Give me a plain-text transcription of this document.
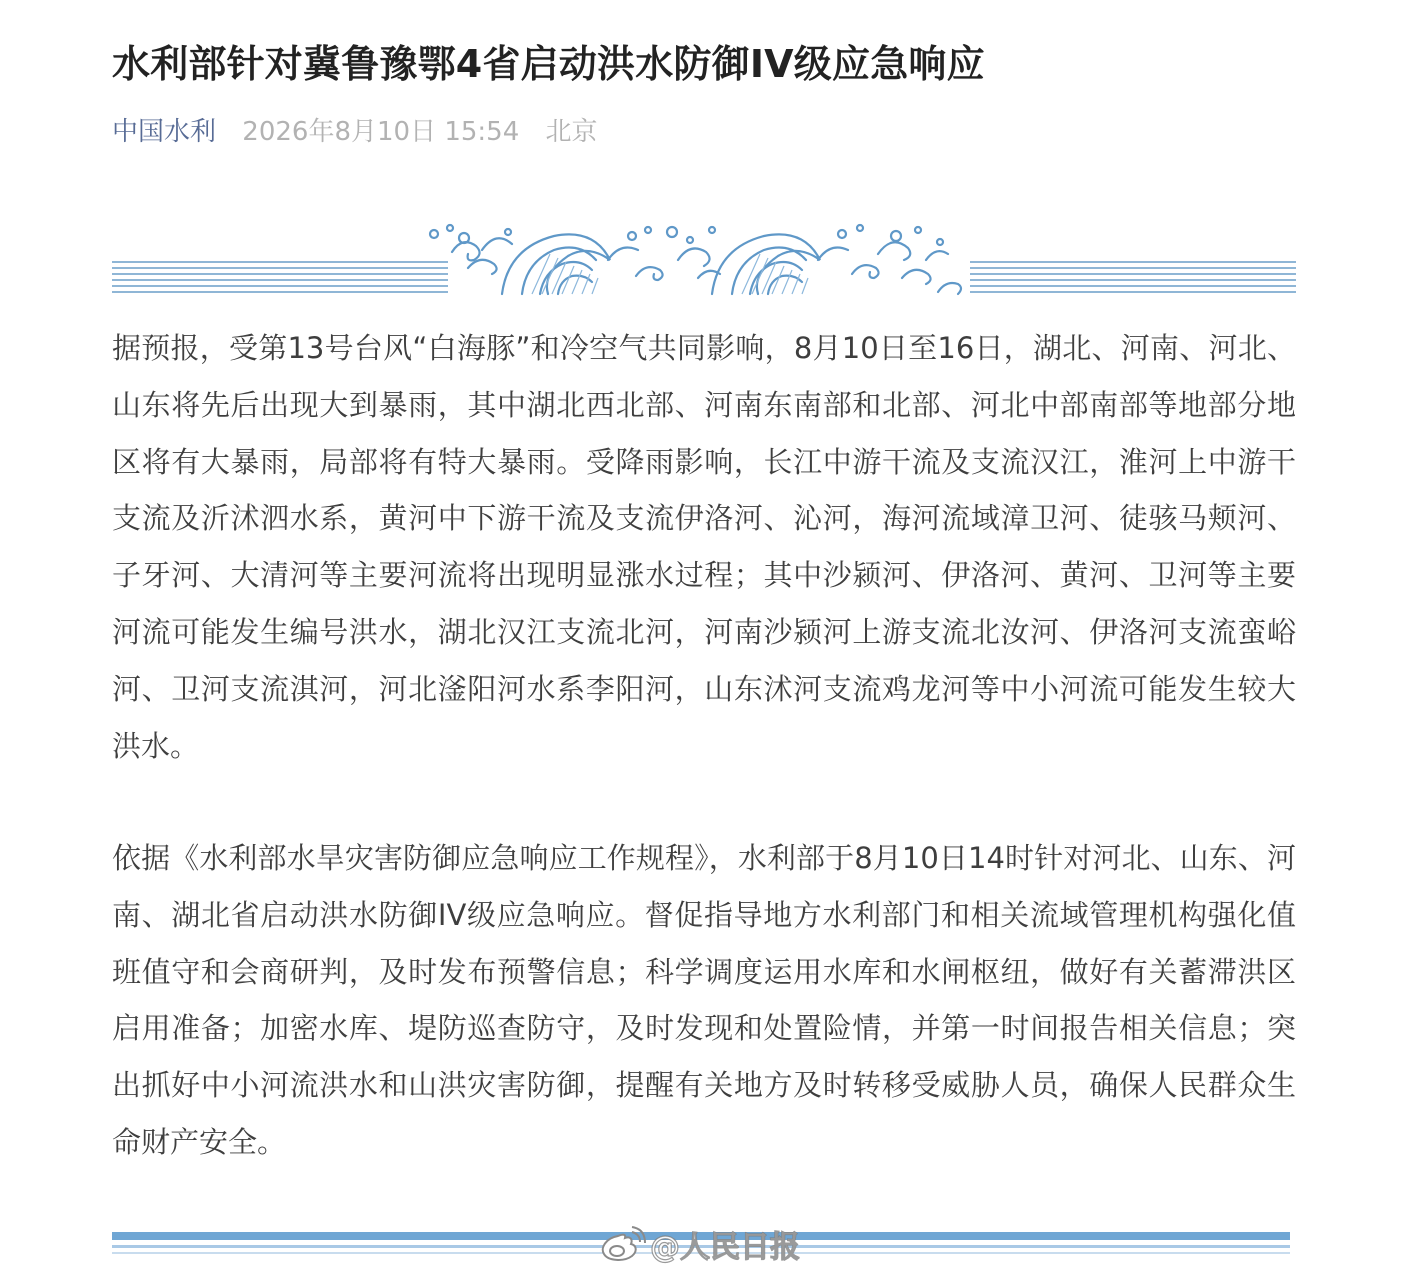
水利部针对冀鲁豫鄂4省启动洪水防御IV级应急响应
中国水利 2026年8月10日 15:54 北京

据预报，受第13号台风“白海豚”和冷空气共同影响，8月10日至16日，湖北、河南、河北、山东将先后出现大到暴雨，其中湖北西北部、河南东南部和北部、河北中部南部等地部分地区将有大暴雨，局部将有特大暴雨。受降雨影响，长江中游干流及支流汉江，淮河上中游干支流及沂沭泗水系，黄河中下游干流及支流伊洛河、沁河，海河流域漳卫河、徒骇马颊河、子牙河、大清河等主要河流将出现明显涨水过程；其中沙颍河、伊洛河、黄河、卫河等主要河流可能发生编号洪水，湖北汉江支流北河，河南沙颍河上游支流北汝河、伊洛河支流蛮峪河、卫河支流淇河，河北滏阳河水系李阳河，山东沭河支流鸡龙河等中小河流可能发生较大洪水。

依据《水利部水旱灾害防御应急响应工作规程》，水利部于8月10日14时针对河北、山东、河南、湖北省启动洪水防御IV级应急响应。督促指导地方水利部门和相关流域管理机构强化值班值守和会商研判，及时发布预警信息；科学调度运用水库和水闸枢纽，做好有关蓄滞洪区启用准备；加密水库、堤防巡查防守，及时发现和处置险情，并第一时间报告相关信息；突出抓好中小河流洪水和山洪灾害防御，提醒有关地方及时转移受威胁人员，确保人民群众生命财产安全。

@人民日报
